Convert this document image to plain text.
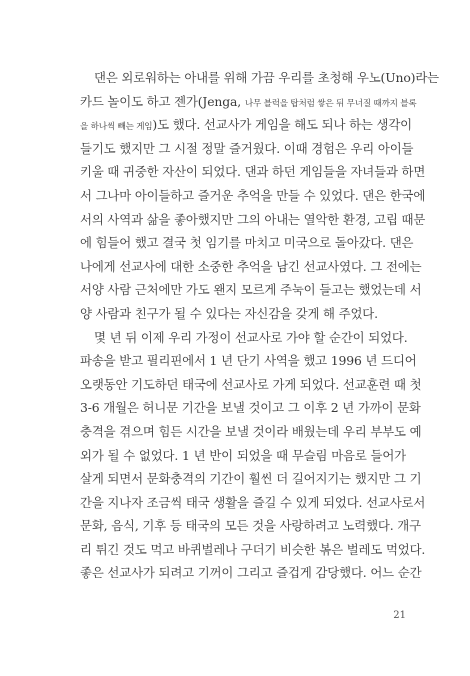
댄은 외로워하는 아내를 위해 가끔 우리를 초청해 우노(Uno)라는
카드 놀이도 하고 젠가(Jenga, 나무 블럭을 탑처럼 쌓은 뒤 무너질 때까지 블록
을 하나씩 빼는 게임)도 했다. 선교사가 게임을 해도 되나 하는 생각이
들기도 했지만 그 시절 정말 즐거웠다. 이때 경험은 우리 아이들
키울 때 귀중한 자산이 되었다. 댄과 하던 게임들을 자녀들과 하면
서 그나마 아이들하고 즐거운 추억을 만들 수 있었다. 댄은 한국에
서의 사역과 삶을 좋아했지만 그의 아내는 열악한 환경, 고립 때문
에 힘들어 했고 결국 첫 임기를 마치고 미국으로 돌아갔다. 댄은
나에게 선교사에 대한 소중한 추억을 남긴 선교사였다. 그 전에는
서양 사람 근처에만 가도 왠지 모르게 주눅이 들고는 했었는데 서
양 사람과 친구가 될 수 있다는 자신감을 갖게 해 주었다.
몇 년 뒤 이제 우리 가정이 선교사로 가야 할 순간이 되었다.
파송을 받고 필리핀에서 1 년 단기 사역을 했고 1996 년 드디어
오랫동안 기도하던 태국에 선교사로 가게 되었다. 선교훈련 때 첫
3-6 개월은 허니문 기간을 보낼 것이고 그 이후 2 년 가까이 문화
충격을 겪으며 힘든 시간을 보낼 것이라 배웠는데 우리 부부도 예
외가 될 수 없었다. 1 년 반이 되었을 때 무슬림 마음로 들어가
살게 되면서 문화충격의 기간이 훨씬 더 길어지기는 했지만 그 기
간을 지나자 조금씩 태국 생활을 즐길 수 있게 되었다. 선교사로서
문화, 음식, 기후 등 태국의 모든 것을 사랑하려고 노력했다. 개구
리 튀긴 것도 먹고 바퀴벌레나 구더기 비슷한 볶은 벌레도 먹었다.
좋은 선교사가 되려고 기꺼이 그리고 즐겁게 감당했다. 어느 순간
21
